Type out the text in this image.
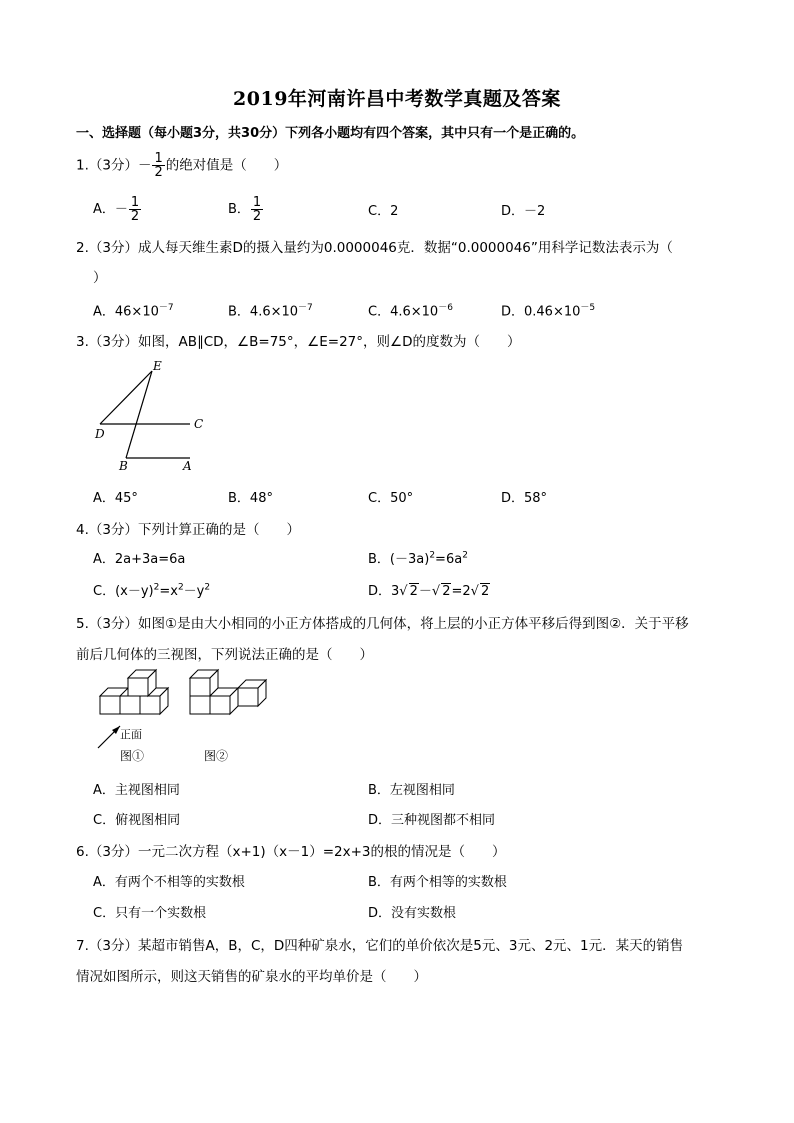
2019年河南许昌中考数学真题及答案
一、选择题（每小题3分，共30分）下列各小题均有四个答案，其中只有一个是正确的。
1.（3分）－ $\frac{1}{2}$ 的绝对值是（　　）
A．－ $\frac{1}{2}$	B． $\frac{1}{2}$	C．2	D．－2
2.（3分）成人每天维生素D的摄入量约为0.0000046克．数据“0.0000046”用科学记数法表示为（
）
A．$46\times 10^{-7}$	B．$4.6\times 10^{-7}$	C．$4.6\times 10^{-6}$	D．$0.46\times 10^{-5}$
3.（3分）如图，AB∥CD，∠B=75°，∠E=27°，则∠D的度数为（　　）
E
C
D
B	A
A．45°	B．48°	C．50°	D．58°
4.（3分）下列计算正确的是（　　）
A．2a+3a=6a	B．$(-3a)^2=6a^2$
C．$(x-y)^2=x^2-y^2$	D．3√ 2－√ 2=2√ 2
5.（3分）如图①是由大小相同的小正方体搭成的几何体，将上层的小正方体平移后得到图②．关于平移
前后几何体的三视图，下列说法正确的是（　　）
正面
图①	图②
A．主视图相同	B．左视图相同
C．俯视图相同	D．三种视图都不相同
6.（3分）一元二次方程（x+1)（x－1）=2x+3的根的情况是（　　）
A．有两个不相等的实数根	B．有两个相等的实数根
C．只有一个实数根	D．没有实数根
7.（3分）某超市销售A，B，C，D四种矿泉水，它们的单价依次是5元、3元、2元、1元．某天的销售
情况如图所示，则这天销售的矿泉水的平均单价是（　　）
